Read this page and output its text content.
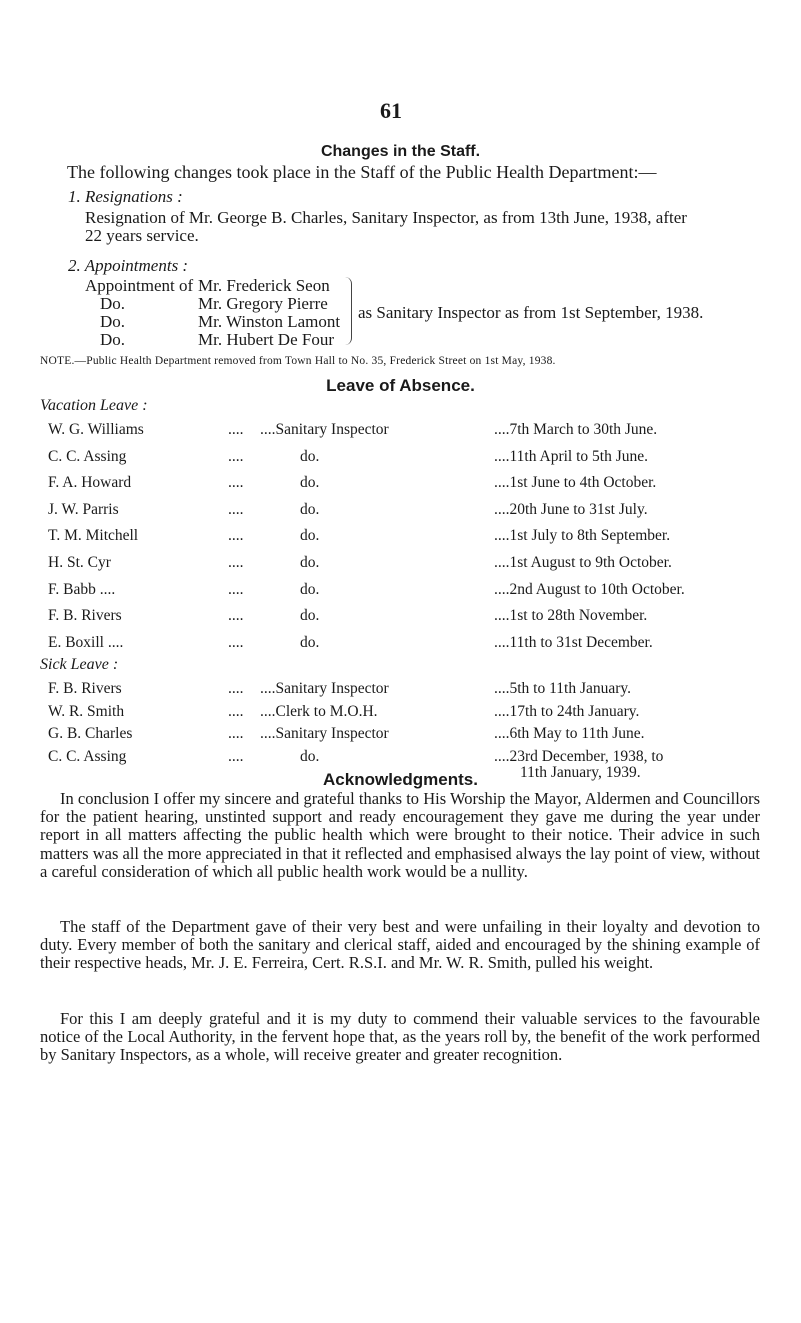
61
Changes in the Staff.
The following changes took place in the Staff of the Public Health Department:—
1. Resignations :
Resignation of Mr. George B. Charles, Sanitary Inspector, as from 13th June, 1938, after
22 years service.
2. Appointments :
Appointment of Mr. Frederick Seon
Do.	Mr. Gregory Pierre
Do.	Mr. Winston Lamont
Do.	Mr. Hubert De Four
as Sanitary Inspector as from 1st September, 1938.
NOTE.—Public Health Department removed from Town Hall to No. 35, Frederick Street on 1st May, 1938.
Leave of Absence.
Vacation Leave :
W. G. Williams	.... ....Sanitary Inspector	....7th March to 30th June.
C. C. Assing	....	do.	....11th April to 5th June.
F. A. Howard	....	do.	....1st June to 4th October.
J. W. Parris	....	do.	....20th June to 31st July.
T. M. Mitchell	....	do.	....1st July to 8th September.
H. St. Cyr	....	do.	....1st August to 9th October.
F. Babb ....	....	do.	....2nd August to 10th October.
F. B. Rivers	....	do.	....1st to 28th November.
E. Boxill ....	....	do.	....11th to 31st December.
Sick Leave :
F. B. Rivers	.... ....Sanitary Inspector	....5th to 11th January.
W. R. Smith	.... ....Clerk to M.O.H.	....17th to 24th January.
G. B. Charles	.... ....Sanitary Inspector	....6th May to 11th June.
C. C. Assing	....	do.	....23rd December, 1938, to
11th January, 1939.
Acknowledgments.

In conclusion I offer my sincere and grateful thanks to His Worship the Mayor, Aldermen and Councillors for the patient hearing, unstinted support and ready encouragement they gave me during the year under report in all matters affecting the public health which were brought to their notice. Their advice in such matters was all the more appreciated in that it reflected and emphasised always the lay point of view, without a careful consideration of which all public health work would be a nullity.

The staff of the Department gave of their very best and were unfailing in their loyalty and devotion to duty. Every member of both the sanitary and clerical staff, aided and encouraged by the shining example of their respective heads, Mr. J. E. Ferreira, Cert. R.S.I. and Mr. W. R. Smith, pulled his weight.

For this I am deeply grateful and it is my duty to commend their valuable services to the favourable notice of the Local Authority, in the fervent hope that, as the years roll by, the benefit of the work performed by Sanitary Inspectors, as a whole, will receive greater and greater recognition.
